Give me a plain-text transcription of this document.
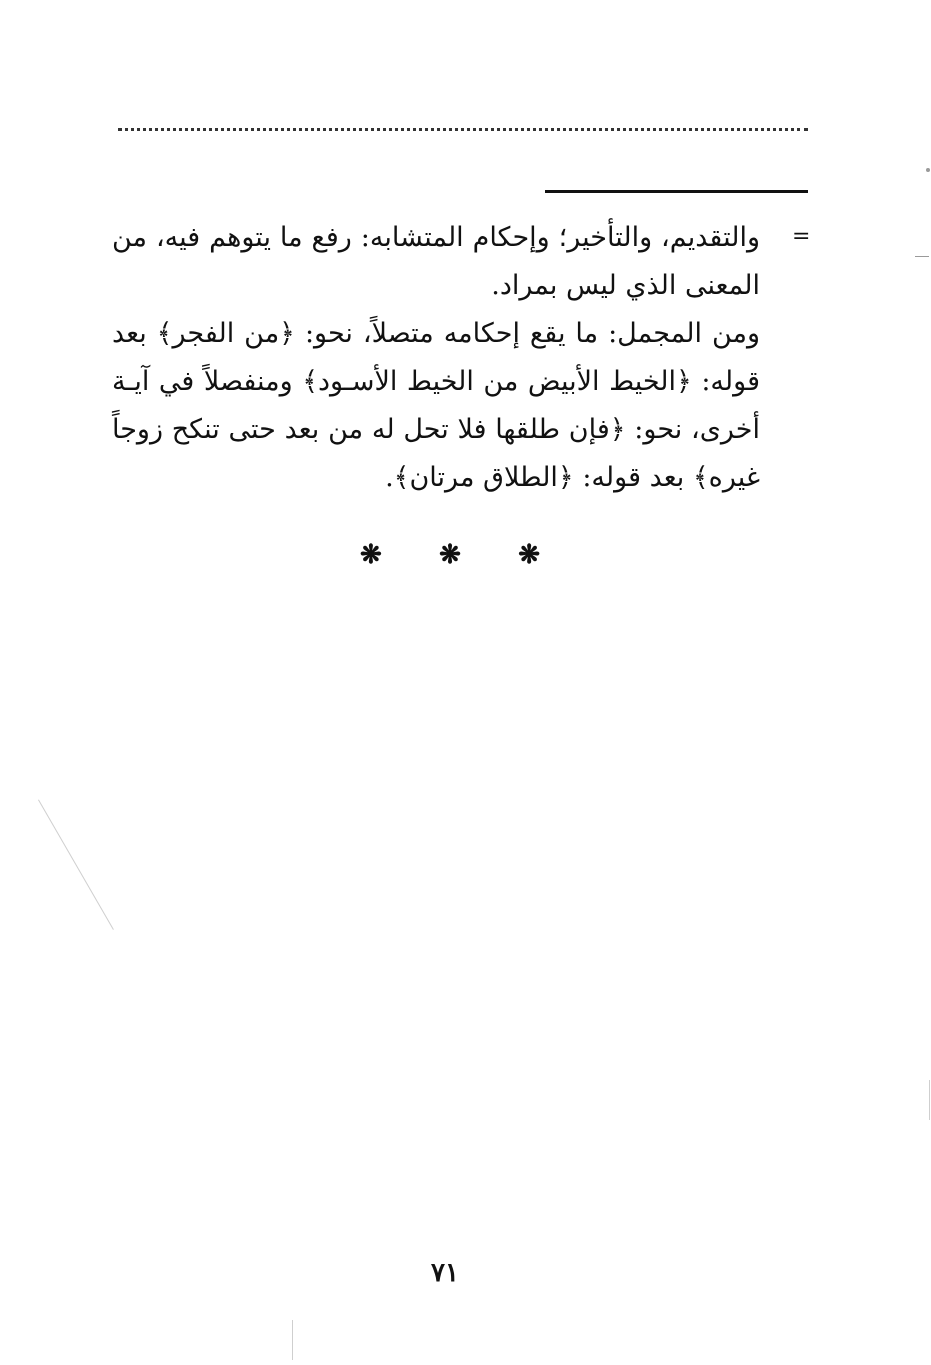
=

والتقديم، والتأخير؛ وإحكام المتشابه: رفع ما يتوهم فيه، من المعنى الذي ليس بمراد.

ومن المجمل: ما يقع إحكامه متصلاً، نحو: ﴿من الفجر﴾ بعد قوله: ﴿الخيط الأبيض من الخيط الأسـود﴾ ومنفصلاً في آيـة أخرى، نحو: ﴿فإن طلقها فلا تحل له من بعد حتى تنكح زوجاً غيره﴾ بعد قوله: ﴿الطلاق مرتان﴾.

❋ ❋ ❋
٧١
